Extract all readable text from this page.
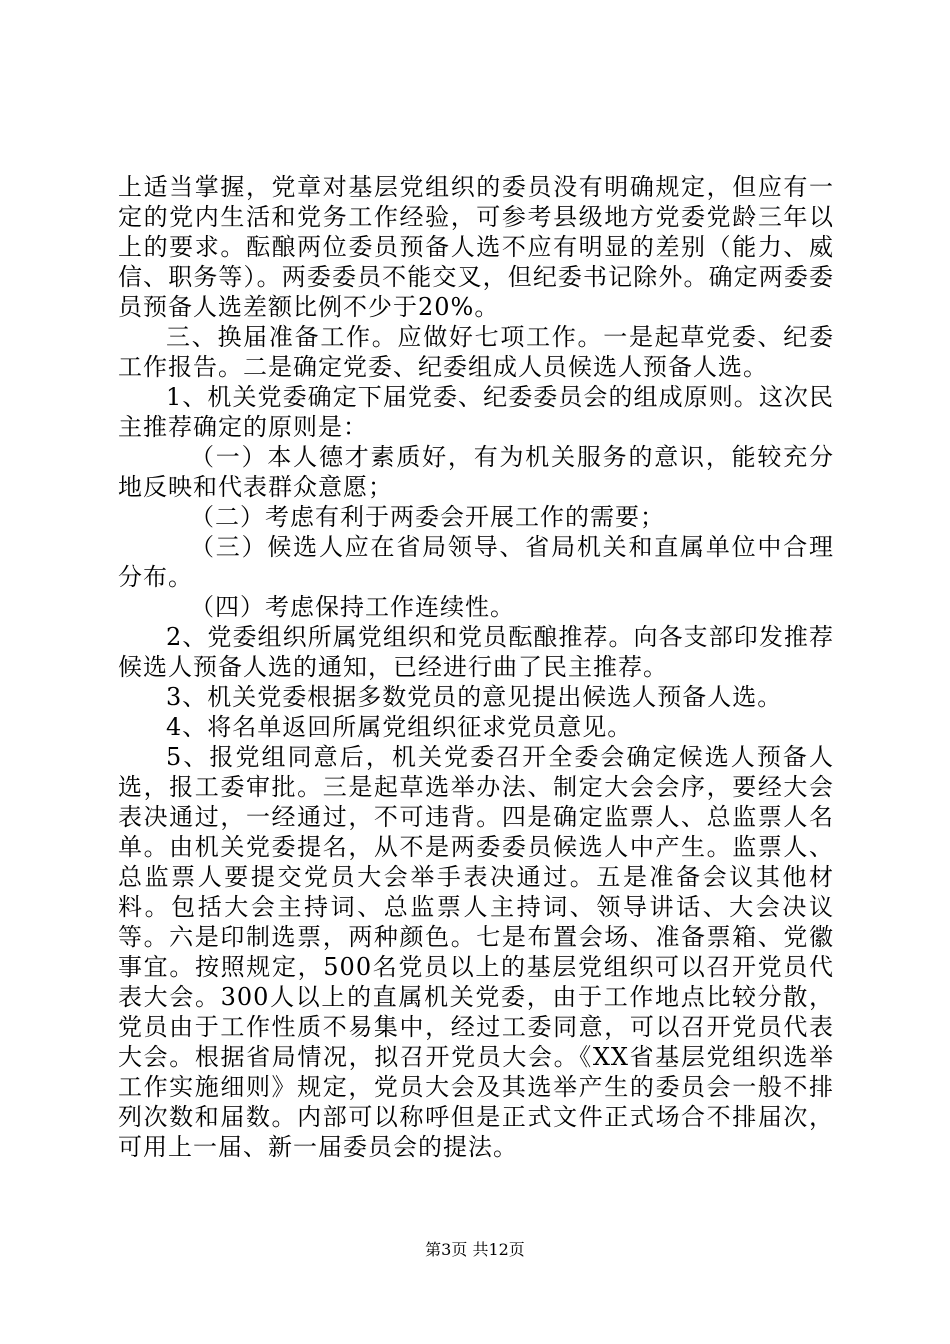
上适当掌握，党章对基层党组织的委员没有明确规定，但应有一定的党内生活和党务工作经验，可参考县级地方党委党龄三年以上的要求。酝酿两位委员预备人选不应有明显的差别（能力、威信、职务等）。两委委员不能交叉，但纪委书记除外。确定两委委员预备人选差额比例不少于20%。

三、换届准备工作。应做好七项工作。一是起草党委、纪委工作报告。二是确定党委、纪委组成人员候选人预备人选。

1、机关党委确定下届党委、纪委委员会的组成原则。这次民主推荐确定的原则是：

（一）本人德才素质好，有为机关服务的意识，能较充分地反映和代表群众意愿；

（二）考虑有利于两委会开展工作的需要；

（三）候选人应在省局领导、省局机关和直属单位中合理分布。

（四）考虑保持工作连续性。

2、党委组织所属党组织和党员酝酿推荐。向各支部印发推荐候选人预备人选的通知，已经进行曲了民主推荐。

3、机关党委根据多数党员的意见提出候选人预备人选。

4、将名单返回所属党组织征求党员意见。

5、报党组同意后，机关党委召开全委会确定候选人预备人选，报工委审批。三是起草选举办法、制定大会会序，要经大会表决通过，一经通过，不可违背。四是确定监票人、总监票人名单。由机关党委提名，从不是两委委员候选人中产生。监票人、总监票人要提交党员大会举手表决通过。五是准备会议其他材料。包括大会主持词、总监票人主持词、领导讲话、大会决议等。六是印制选票，两种颜色。七是布置会场、准备票箱、党徽事宜。按照规定，500名党员以上的基层党组织可以召开党员代表大会。300人以上的直属机关党委，由于工作地点比较分散，党员由于工作性质不易集中，经过工委同意，可以召开党员代表大会。根据省局情况，拟召开党员大会。《XX省基层党组织选举工作实施细则》规定，党员大会及其选举产生的委员会一般不排列次数和届数。内部可以称呼但是正式文件正式场合不排届次，可用上一届、新一届委员会的提法。

第3页 共12页
